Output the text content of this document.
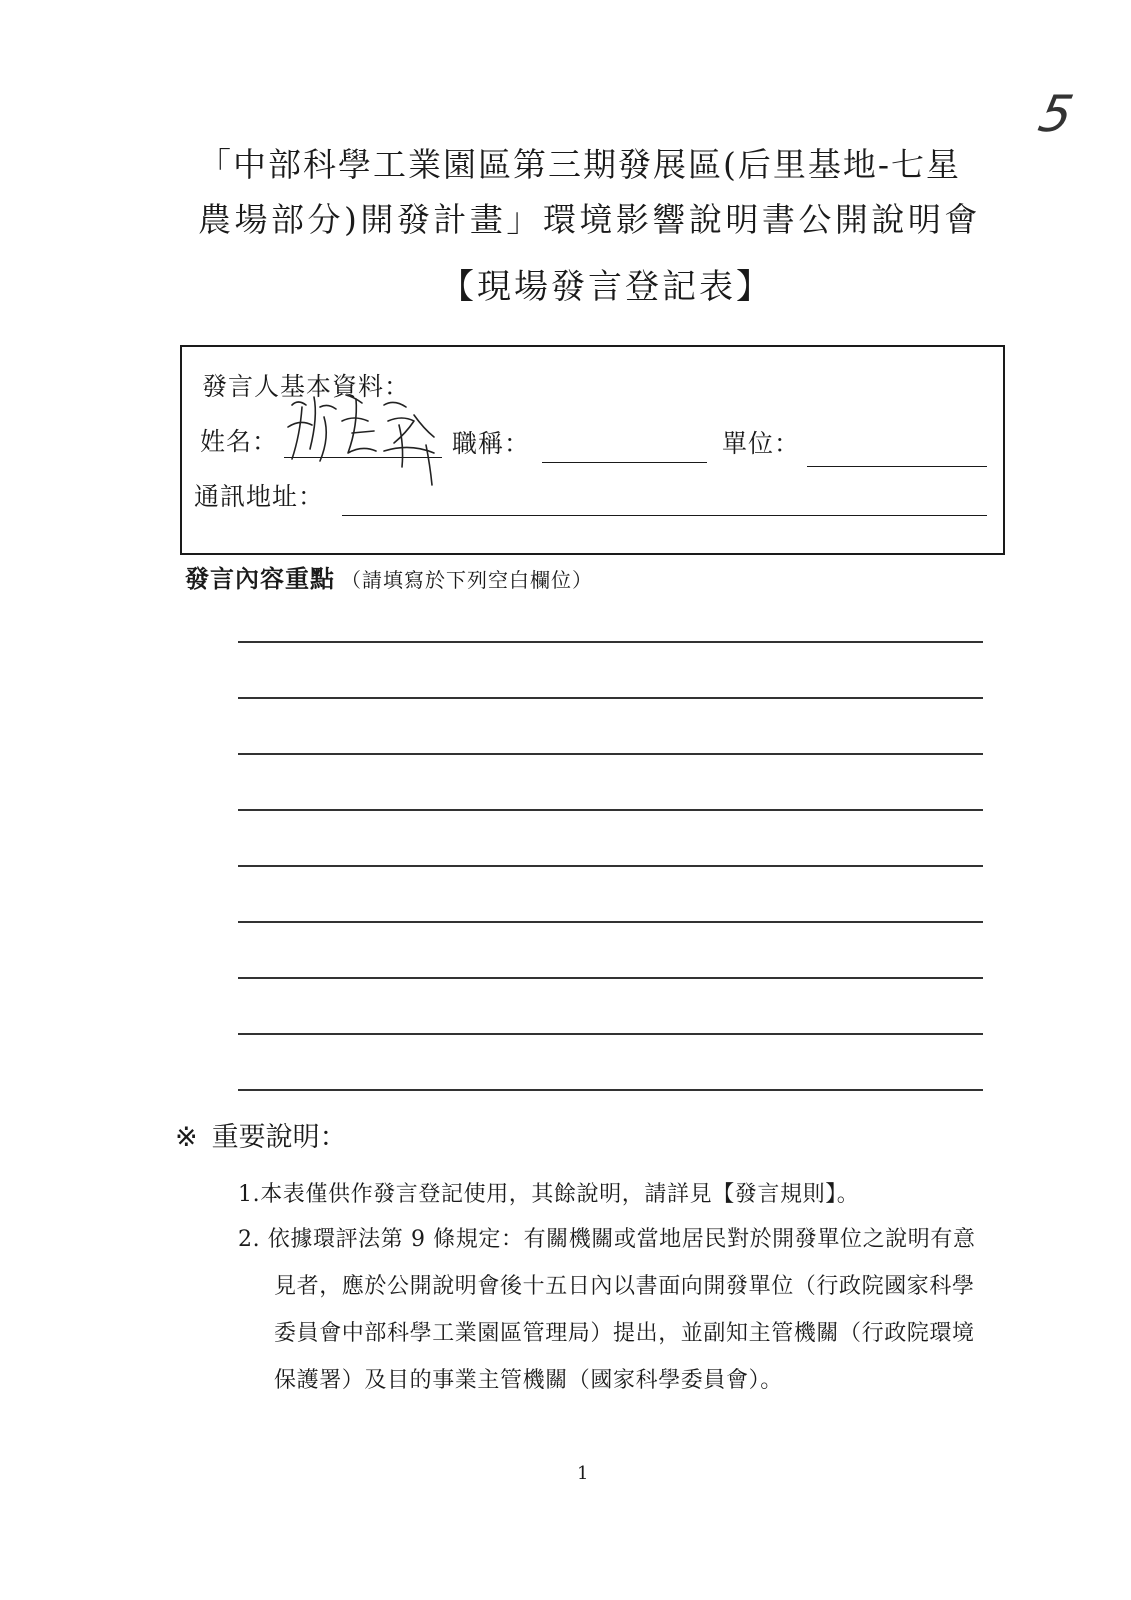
5
「中部科學工業園區第三期發展區(后里基地-七星
農場部分)開發計畫」環境影響說明書公開說明會
【現場發言登記表】
發言人基本資料：
姓名：	職稱：	單位：
通訊地址：
發言內容重點 （請填寫於下列空白欄位）
※ 重要說明：
1.本表僅供作發言登記使用，其餘說明，請詳見【發言規則】。
2. 依據環評法第 9 條規定：有關機關或當地居民對於開發單位之說明有意
見者，應於公開說明會後十五日內以書面向開發單位（行政院國家科學
委員會中部科學工業園區管理局）提出，並副知主管機關（行政院環境
保護署）及目的事業主管機關（國家科學委員會）。
1
